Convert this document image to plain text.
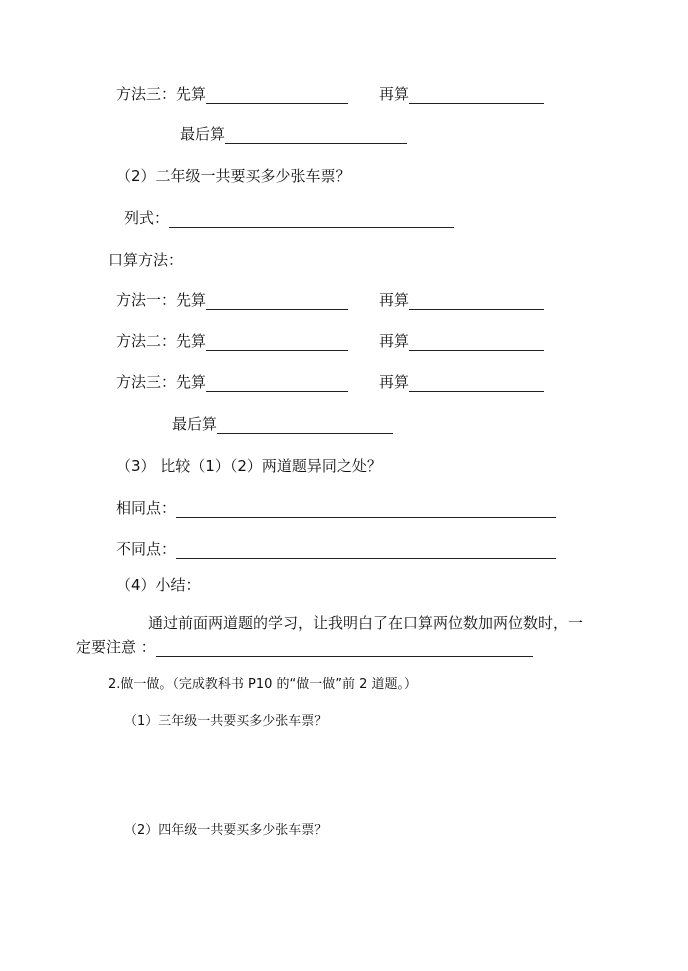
方法三：先算	再算
最后算
（2）二年级一共要买多少张车票？
列式：
口算方法：
方法一：先算	再算
方法二：先算	再算
方法三：先算	再算
最后算
（3） 比较（1）（2）两道题异同之处？
相同点：
不同点：
（4）小结：
通过前面两道题的学习，让我明白了在口算两位数加两位数时，一
定要注意 ：
2.做一做。（完成教科书 P10 的“做一做”前 2 道题。）
（1）三年级一共要买多少张车票？
（2）四年级一共要买多少张车票？
